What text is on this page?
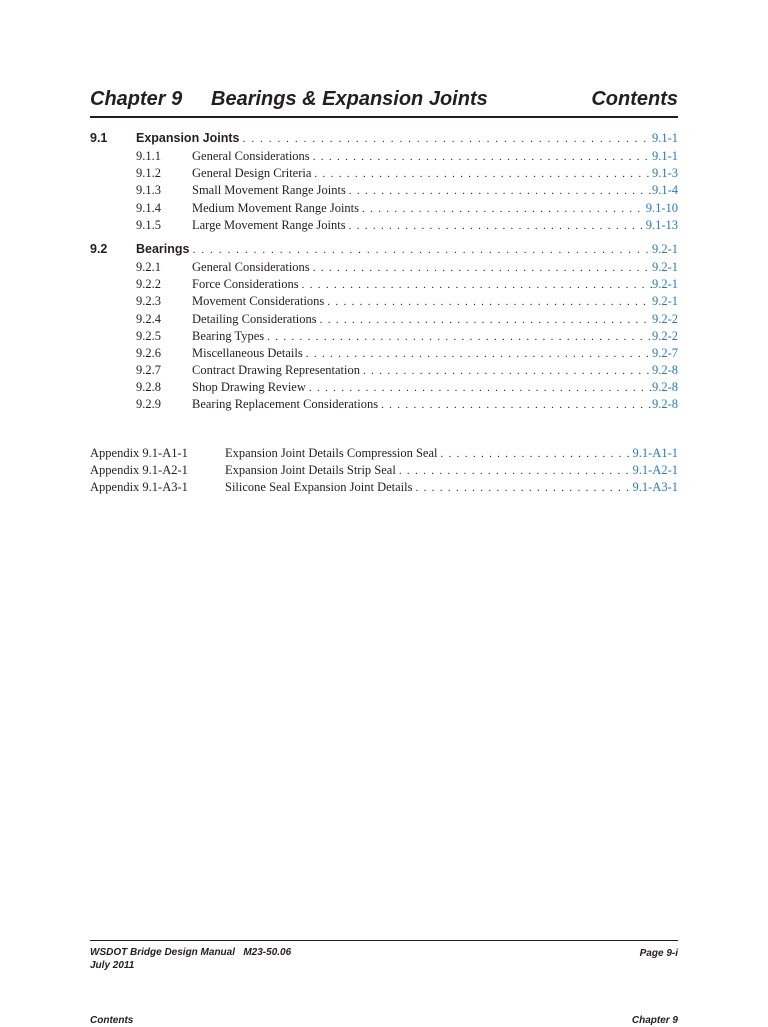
Chapter 9 Bearings & Expansion Joints	Contents
9.1	Expansion Joints . . .	9.1-1
9.1.1	General Considerations . . .	9.1-1
9.1.2	General Design Criteria . . .	9.1-3
9.1.3	Small Movement Range Joints . . .	9.1-4
9.1.4	Medium Movement Range Joints . . .	9.1-10
9.1.5	Large Movement Range Joints . . .	9.1-13
9.2	Bearings . . .	9.2-1
9.2.1	General Considerations . . .	9.2-1
9.2.2	Force Considerations . . .	9.2-1
9.2.3	Movement Considerations . . .	9.2-1
9.2.4	Detailing Considerations . . .	9.2-2
9.2.5	Bearing Types . . .	9.2-2
9.2.6	Miscellaneous Details . . .	9.2-7
9.2.7	Contract Drawing Representation . . .	9.2-8
9.2.8	Shop Drawing Review . . .	9.2-8
9.2.9	Bearing Replacement Considerations . . .	9.2-8
Appendix 9.1-A1-1	Expansion Joint Details Compression Seal . . .	9.1-A1-1
Appendix 9.1-A2-1	Expansion Joint Details Strip Seal . . .	9.1-A2-1
Appendix 9.1-A3-1	Silicone Seal Expansion Joint Details . . .	9.1-A3-1
WSDOT Bridge Design Manual   M23-50.06
July 2011
Page 9-i
Contents	Chapter 9
